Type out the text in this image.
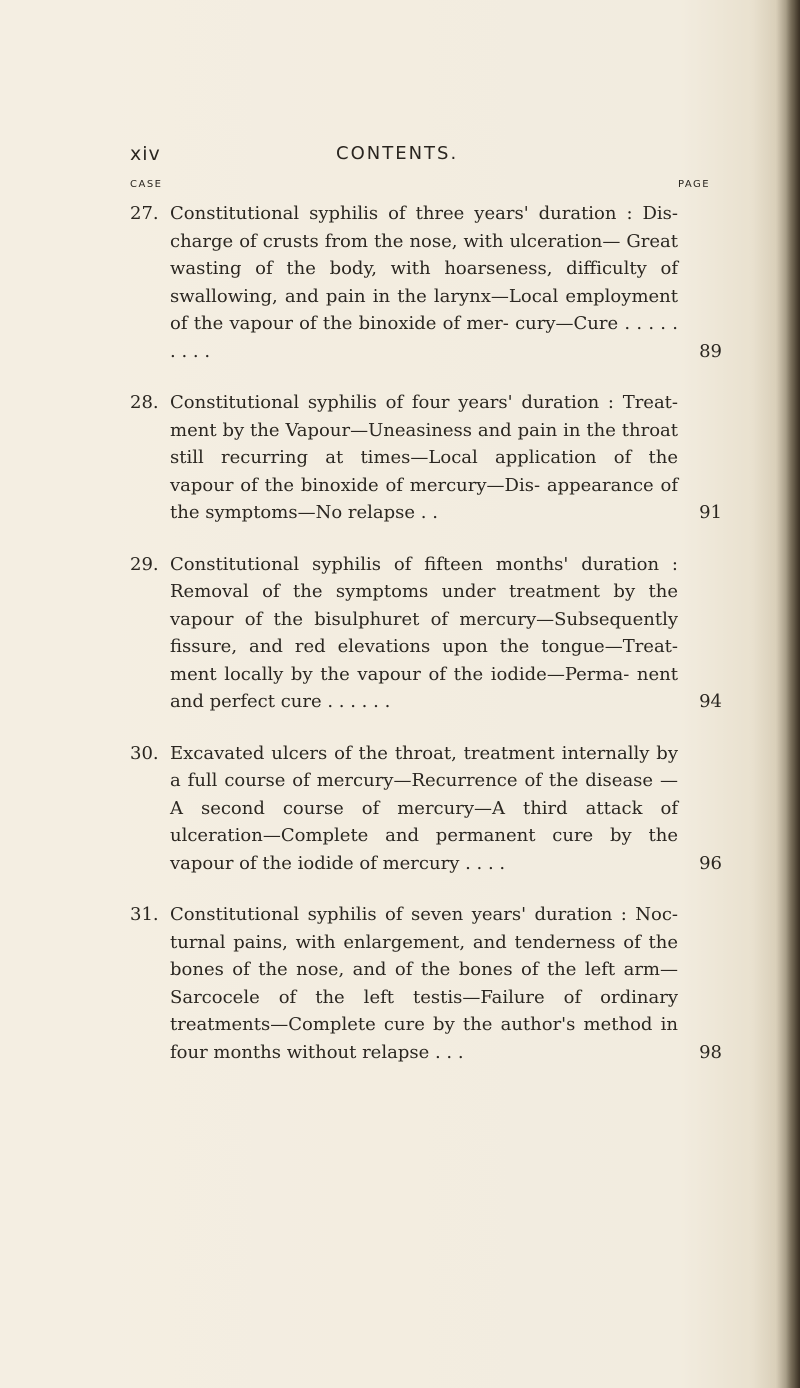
xiv	CONTENTS.
CASE	PAGE
27. Constitutional syphilis of three years' duration : Dis- charge of crusts from the nose, with ulceration— Great wasting of the body, with hoarseness, difficulty of swallowing, and pain in the larynx—Local employment of the vapour of the binoxide of mer- cury—Cure . . . . . . . . .	89
28. Constitutional syphilis of four years' duration : Treat- ment by the Vapour—Uneasiness and pain in the throat still recurring at times—Local application of the vapour of the binoxide of mercury—Dis- appearance of the symptoms—No relapse . .	91
29. Constitutional syphilis of fifteen months' duration : Removal of the symptoms under treatment by the vapour of the bisulphuret of mercury—Subsequently fissure, and red elevations upon the tongue—Treat- ment locally by the vapour of the iodide—Perma- nent and perfect cure . . . . . .	94
30. Excavated ulcers of the throat, treatment internally by a full course of mercury—Recurrence of the disease —A second course of mercury—A third attack of ulceration—Complete and permanent cure by the vapour of the iodide of mercury . . . .	96
31. Constitutional syphilis of seven years' duration : Noc- turnal pains, with enlargement, and tenderness of the bones of the nose, and of the bones of the left arm—Sarcocele of the left testis—Failure of ordinary treatments—Complete cure by the author's method in four months without relapse . . .	98
